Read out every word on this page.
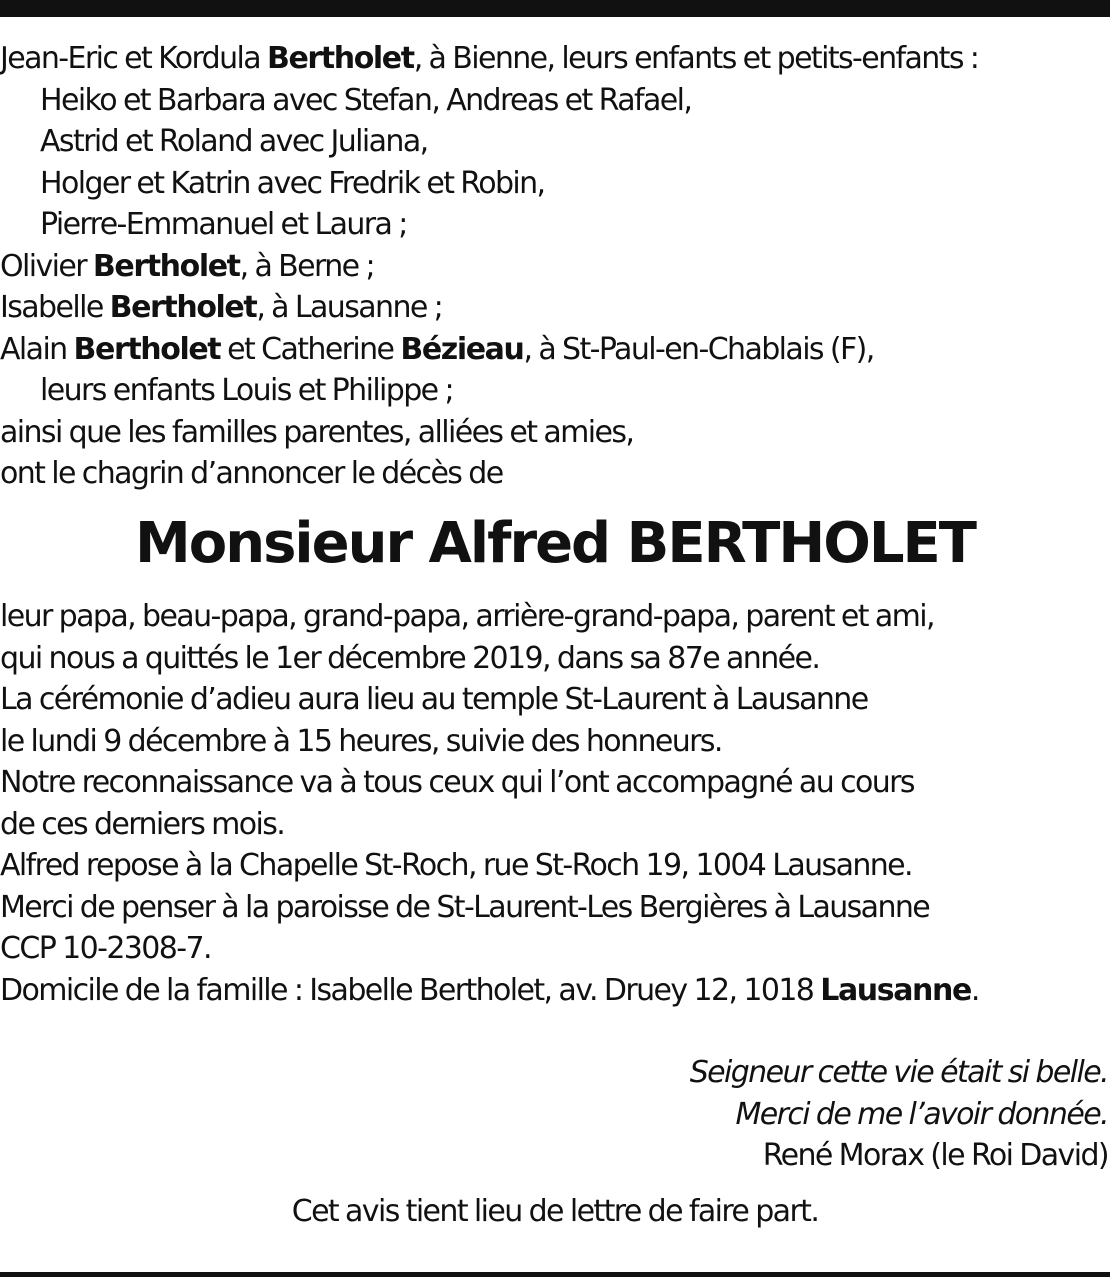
Jean-Eric et Kordula Bertholet, à Bienne, leurs enfants et petits-enfants :
Heiko et Barbara avec Stefan, Andreas et Rafael,
Astrid et Roland avec Juliana,
Holger et Katrin avec Fredrik et Robin,
Pierre-Emmanuel et Laura ;
Olivier Bertholet, à Berne ;
Isabelle Bertholet, à Lausanne ;
Alain Bertholet et Catherine Bézieau, à St-Paul-en-Chablais (F),
leurs enfants Louis et Philippe ;
ainsi que les familles parentes, alliées et amies,
ont le chagrin d’annoncer le décès de
Monsieur Alfred BERTHOLET
leur papa, beau-papa, grand-papa, arrière-grand-papa, parent et ami,
qui nous a quittés le 1er décembre 2019, dans sa 87e année.
La cérémonie d’adieu aura lieu au temple St-Laurent à Lausanne
le lundi 9 décembre à 15 heures, suivie des honneurs.
Notre reconnaissance va à tous ceux qui l’ont accompagné au cours
de ces derniers mois.
Alfred repose à la Chapelle St-Roch, rue St-Roch 19, 1004 Lausanne.
Merci de penser à la paroisse de St-Laurent-Les Bergières à Lausanne
CCP 10-2308-7.
Domicile de la famille : Isabelle Bertholet, av. Druey 12, 1018 Lausanne.
Seigneur cette vie était si belle.
Merci de me l’avoir donnée.
René Morax (le Roi David)
Cet avis tient lieu de lettre de faire part.
